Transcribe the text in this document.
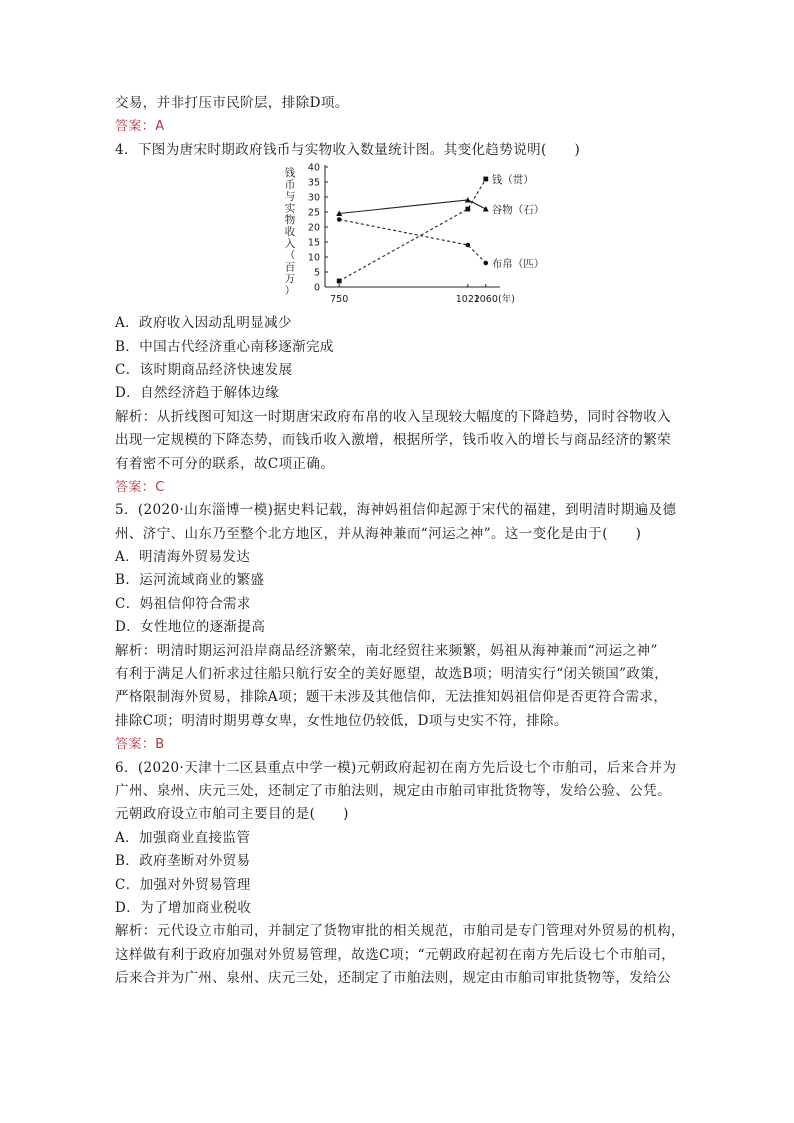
交易，并非打压市民阶层，排除D项。
答案：A
4．下图为唐宋时期政府钱币与实物收入数量统计图。其变化趋势说明(　　)
钱
币
与
实
物
收
入
（
百
万
） 0
5
10
15
20
25
30
35
40
750	1022
1060 (年)
钱（贯）
谷物（石）
布帛（匹）
A．政府收入因动乱明显减少
B．中国古代经济重心南移逐渐完成
C．该时期商品经济快速发展
D．自然经济趋于解体边缘
解析：从折线图可知这一时期唐宋政府布帛的收入呈现较大幅度的下降趋势，同时谷物收入
出现一定规模的下降态势，而钱币收入激增，根据所学，钱币收入的增长与商品经济的繁荣
有着密不可分的联系，故C项正确。
答案：C
5．(2020·山东淄博一模)据史料记载，海神妈祖信仰起源于宋代的福建，到明清时期遍及德
州、济宁、山东乃至整个北方地区，并从海神兼而“河运之神”。这一变化是由于(　　)
A．明清海外贸易发达
B．运河流域商业的繁盛
C．妈祖信仰符合需求
D．女性地位的逐渐提高
解析：明清时期运河沿岸商品经济繁荣，南北经贸往来频繁，妈祖从海神兼而“河运之神”
有利于满足人们祈求过往船只航行安全的美好愿望，故选B项；明清实行“闭关锁国”政策，
严格限制海外贸易，排除A项；题干未涉及其他信仰，无法推知妈祖信仰是否更符合需求，
排除C项；明清时期男尊女卑，女性地位仍较低，D项与史实不符，排除。
答案：B
6．(2020·天津十二区县重点中学一模)元朝政府起初在南方先后设七个市舶司，后来合并为
广州、泉州、庆元三处，还制定了市舶法则，规定由市舶司审批货物等，发给公验、公凭。
元朝政府设立市舶司主要目的是(　　)
A．加强商业直接监管
B．政府垄断对外贸易
C．加强对外贸易管理
D．为了增加商业税收
解析：元代设立市舶司，并制定了货物审批的相关规范，市舶司是专门管理对外贸易的机构，
这样做有利于政府加强对外贸易管理，故选C项；“元朝政府起初在南方先后设七个市舶司，
后来合并为广州、泉州、庆元三处，还制定了市舶法则，规定由市舶司审批货物等，发给公
